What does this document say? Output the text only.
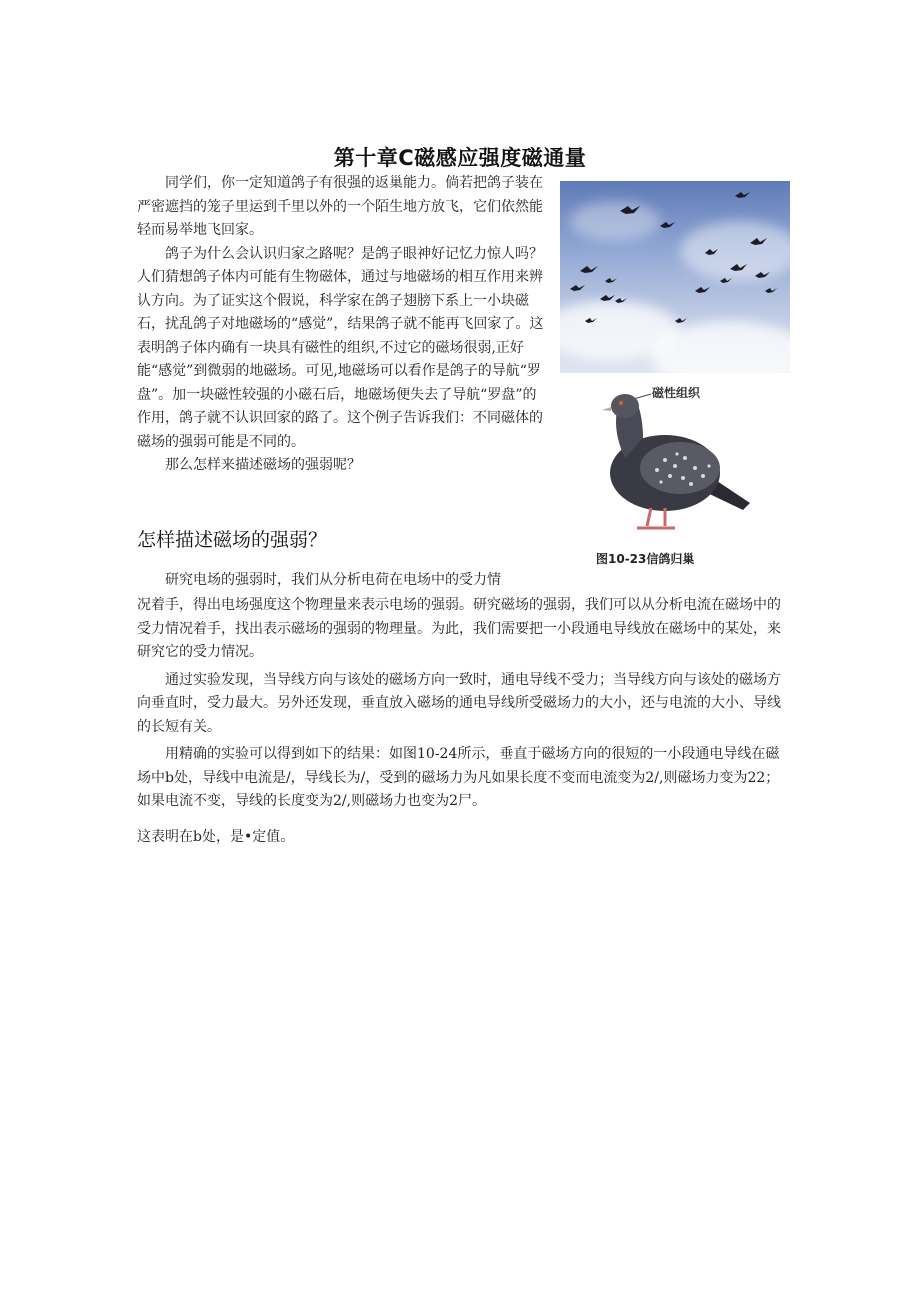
第十章C磁感应强度磁通量

同学们，你一定知道鸽子有很强的返巢能力。倘若把鸽子装在严密遮挡的笼子里运到千里以外的一个陌生地方放飞，它们依然能轻而易举地飞回家。

鸽子为什么会认识归家之路呢？是鸽子眼神好记忆力惊人吗？人们猜想鸽子体内可能有生物磁体，通过与地磁场的相互作用来辨认方向。为了证实这个假说，科学家在鸽子翅膀下系上一小块磁石，扰乱鸽子对地磁场的“感觉”，结果鸽子就不能再飞回家了。这表明鸽子体内确有一块具有磁性的组织,不过它的磁场很弱,正好能“感觉”到微弱的地磁场。可见,地磁场可以看作是鸽子的导航“罗盘”。加一块磁性较强的小磁石后，地磁场便失去了导航“罗盘”的作用，鸽子就不认识回家的路了。这个例子告诉我们：不同磁体的磁场的强弱可能是不同的。

那么怎样来描述磁场的强弱呢？

磁性组织
图10-23信鸽归巢
怎样描述磁场的强弱？

研究电场的强弱时，我们从分析电荷在电场中的受力情

况着手，得出电场强度这个物理量来表示电场的强弱。研究磁场的强弱，我们可以从分析电流在磁场中的受力情况着手，找出表示磁场的强弱的物理量。为此，我们需要把一小段通电导线放在磁场中的某处，来研究它的受力情况。

通过实验发现，当导线方向与该处的磁场方向一致时，通电导线不受力；当导线方向与该处的磁场方向垂直时，受力最大。另外还发现，垂直放入磁场的通电导线所受磁场力的大小，还与电流的大小、导线的长短有关。

用精确的实验可以得到如下的结果：如图10-24所示，垂直于磁场方向的很短的一小段通电导线在磁场中b处，导线中电流是/，导线长为/，受到的磁场力为凡如果长度不变而电流变为2/,则磁场力变为22；如果电流不变，导线的长度变为2/,则磁场力也变为2尸。

这表明在b处，是•定值。
